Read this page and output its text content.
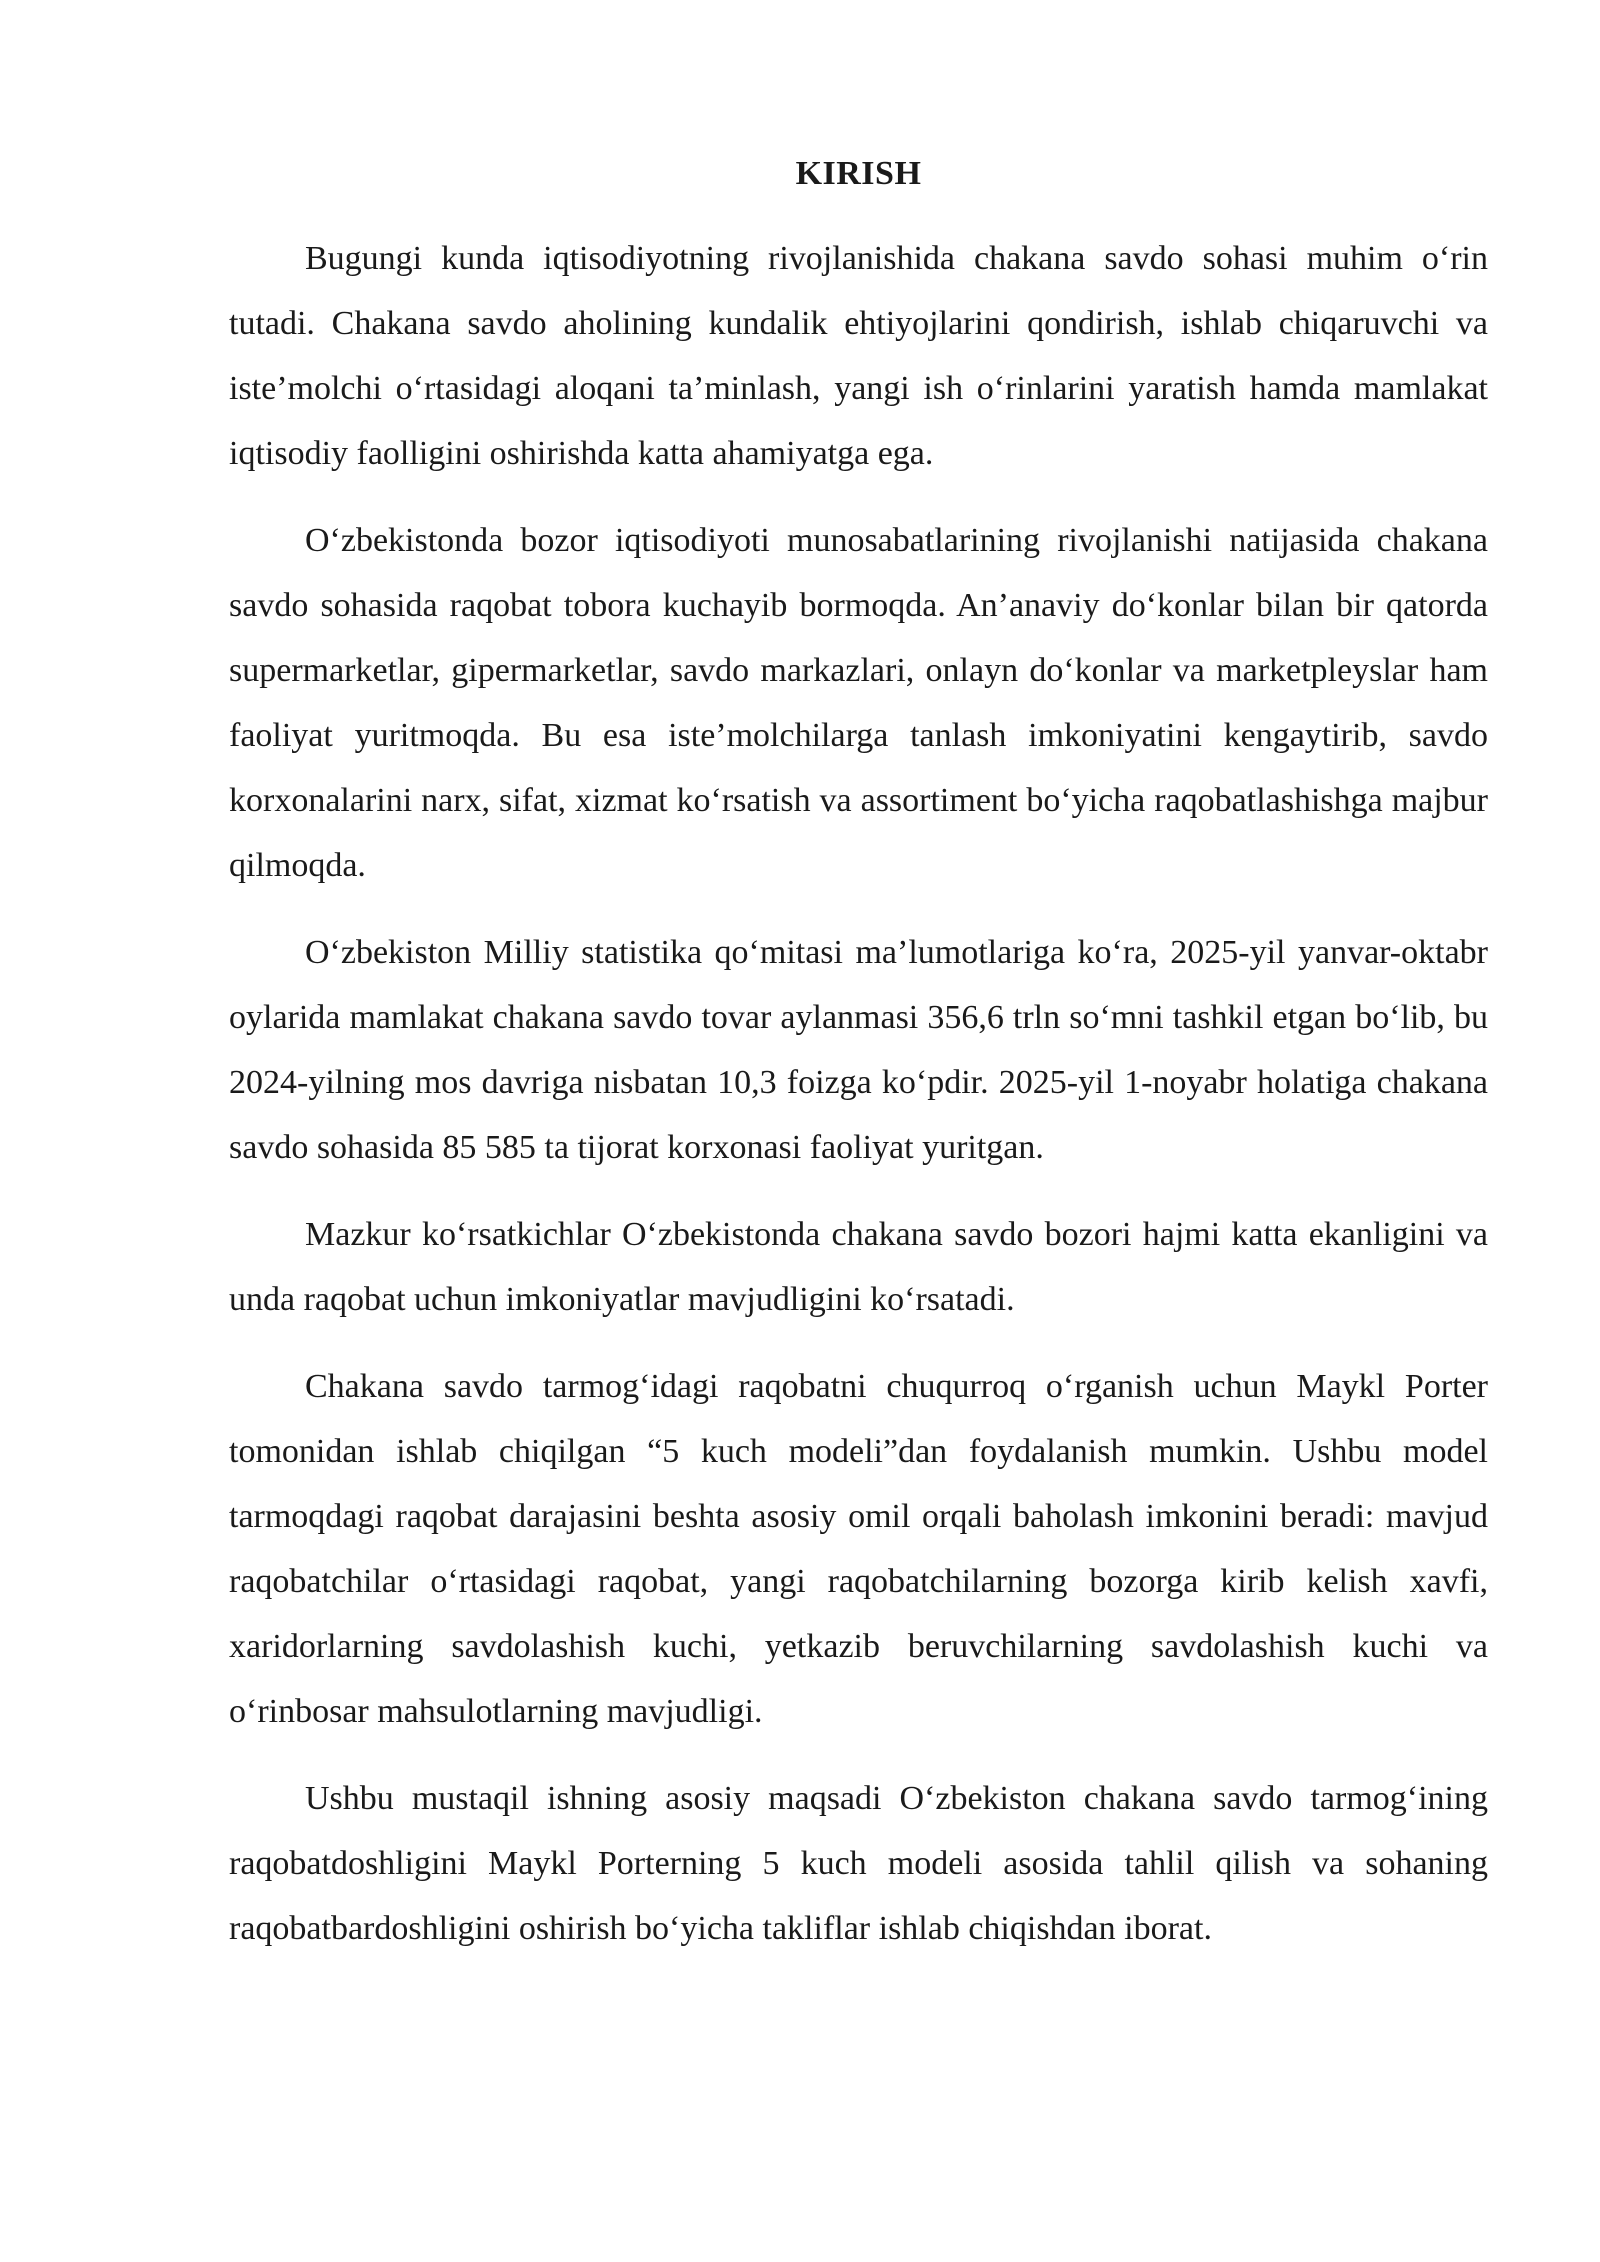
KIRISH

Bugungi kunda iqtisodiyotning rivojlanishida chakana savdo sohasi muhim o‘rin tutadi. Chakana savdo aholining kundalik ehtiyojlarini qondirish, ishlab chiqaruvchi va iste’molchi o‘rtasidagi aloqani ta’minlash, yangi ish o‘rinlarini yaratish hamda mamlakat iqtisodiy faolligini oshirishda katta ahamiyatga ega.

O‘zbekistonda bozor iqtisodiyoti munosabatlarining rivojlanishi natijasida chakana savdo sohasida raqobat tobora kuchayib bormoqda. An’anaviy do‘konlar bilan bir qatorda supermarketlar, gipermarketlar, savdo markazlari, onlayn do‘konlar va marketpleyslar ham faoliyat yuritmoqda. Bu esa iste’molchilarga tanlash imkoniyatini kengaytirib, savdo korxonalarini narx, sifat, xizmat ko‘rsatish va assortiment bo‘yicha raqobatlashishga majbur qilmoqda.

O‘zbekiston Milliy statistika qo‘mitasi ma’lumotlariga ko‘ra, 2025-yil yanvar-oktabr oylarida mamlakat chakana savdo tovar aylanmasi 356,6 trln so‘mni tashkil etgan bo‘lib, bu 2024-yilning mos davriga nisbatan 10,3 foizga ko‘pdir. 2025-yil 1-noyabr holatiga chakana savdo sohasida 85 585 ta tijorat korxonasi faoliyat yuritgan.

Mazkur ko‘rsatkichlar O‘zbekistonda chakana savdo bozori hajmi katta ekanligini va unda raqobat uchun imkoniyatlar mavjudligini ko‘rsatadi.

Chakana savdo tarmog‘idagi raqobatni chuqurroq o‘rganish uchun Maykl Porter tomonidan ishlab chiqilgan “5 kuch modeli”dan foydalanish mumkin. Ushbu model tarmoqdagi raqobat darajasini beshta asosiy omil orqali baholash imkonini beradi: mavjud raqobatchilar o‘rtasidagi raqobat, yangi raqobatchilarning bozorga kirib kelish xavfi, xaridorlarning savdolashish kuchi, yetkazib beruvchilarning savdolashish kuchi va o‘rinbosar mahsulotlarning mavjudligi.

Ushbu mustaqil ishning asosiy maqsadi O‘zbekiston chakana savdo tarmog‘ining raqobatdoshligini Maykl Porterning 5 kuch modeli asosida tahlil qilish va sohaning raqobatbardoshligini oshirish bo‘yicha takliflar ishlab chiqishdan iborat.
